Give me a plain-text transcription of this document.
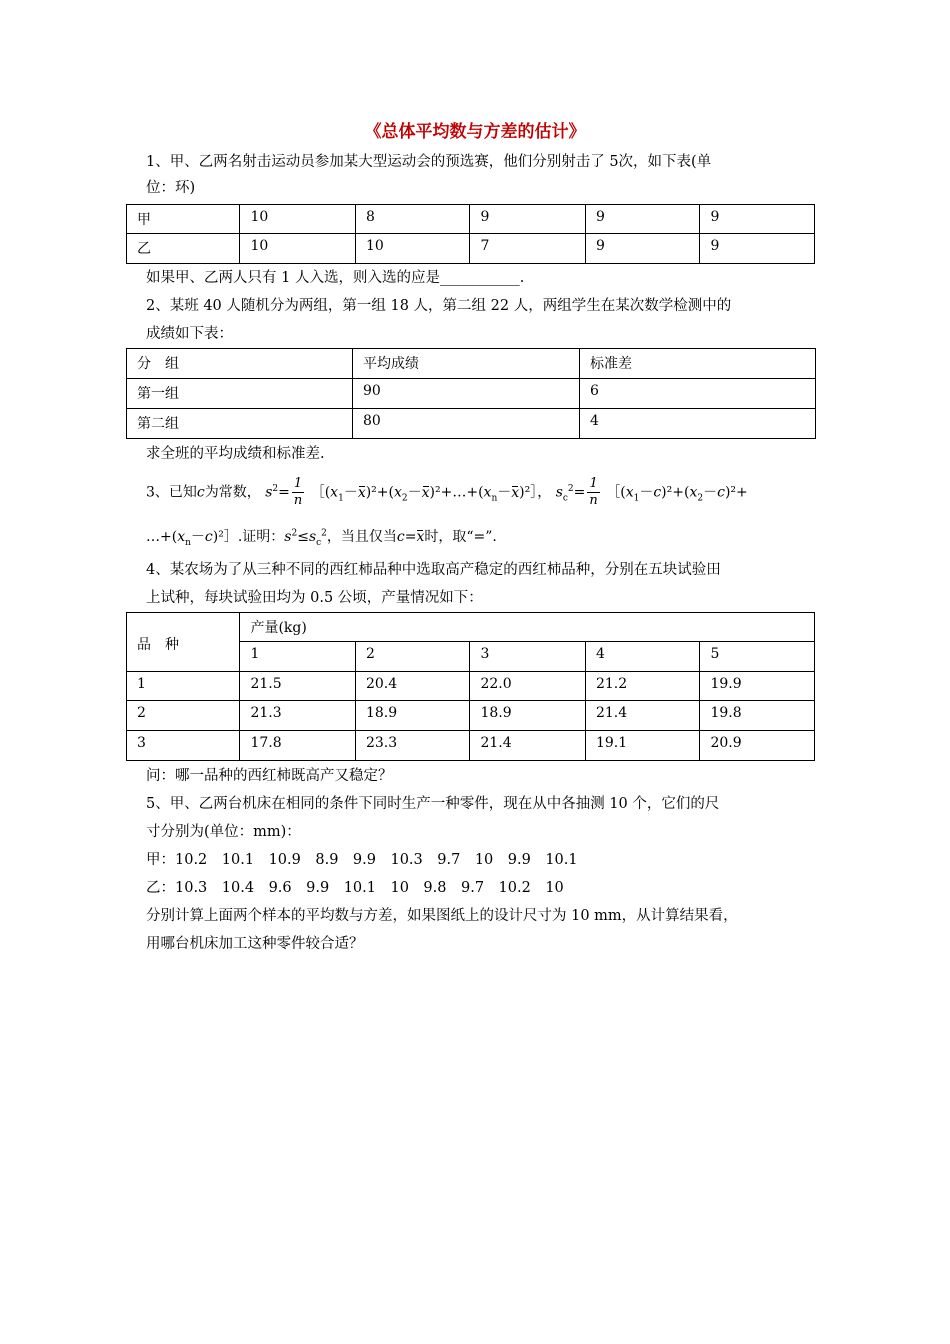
《总体平均数与方差的估计》
1、甲、乙两名射击运动员参加某大型运动会的预选赛，他们分别射击了 5次，如下表(单
位：环)
甲	10	8	9	9	9
乙	10	10	7	9	9
如果甲、乙两人只有 1 人入选，则入选的应是___________.
2、某班 40 人随机分为两组，第一组 18 人，第二组 22 人，两组学生在某次数学检测中的
成绩如下表：
分　组	平均成绩	标准差
第一组	90	6
第二组	80	4
求全班的平均成绩和标准差.
3、已知c为常数， $s^2= \frac{1}{n}$ $[(x_1-x)^2+(x_2-x)^2+\dots+(x_n-x)^2]$， $s_c^2= \frac{1}{n}$ $[(x_1-c)^2+(x_2-c)^2+$
$\dots+(x_n-c)^2]$.证明：$s^2\le s_c^2$，当且仅当c=x时，取“=”.
4、某农场为了从三种不同的西红柿品种中选取高产稳定的西红柿品种，分别在五块试验田
上试种，每块试验田均为 0.5 公顷，产量情况如下：
品　种	产量(kg)				
	1	2	3	4	5
1	21.5	20.4	22.0	21.2	19.9
2	21.3	18.9	18.9	21.4	19.8
3	17.8	23.3	21.4	19.1	20.9
问：哪一品种的西红柿既高产又稳定？
5、甲、乙两台机床在相同的条件下同时生产一种零件，现在从中各抽测 10 个，它们的尺
寸分别为(单位：mm)：
甲：10.2　10.1　10.9　8.9　9.9　10.3　9.7　10　9.9　10.1
乙：10.3　10.4　9.6　9.9　10.1　10　9.8　9.7　10.2　10
分别计算上面两个样本的平均数与方差，如果图纸上的设计尺寸为 10 mm，从计算结果看，
用哪台机床加工这种零件较合适？
